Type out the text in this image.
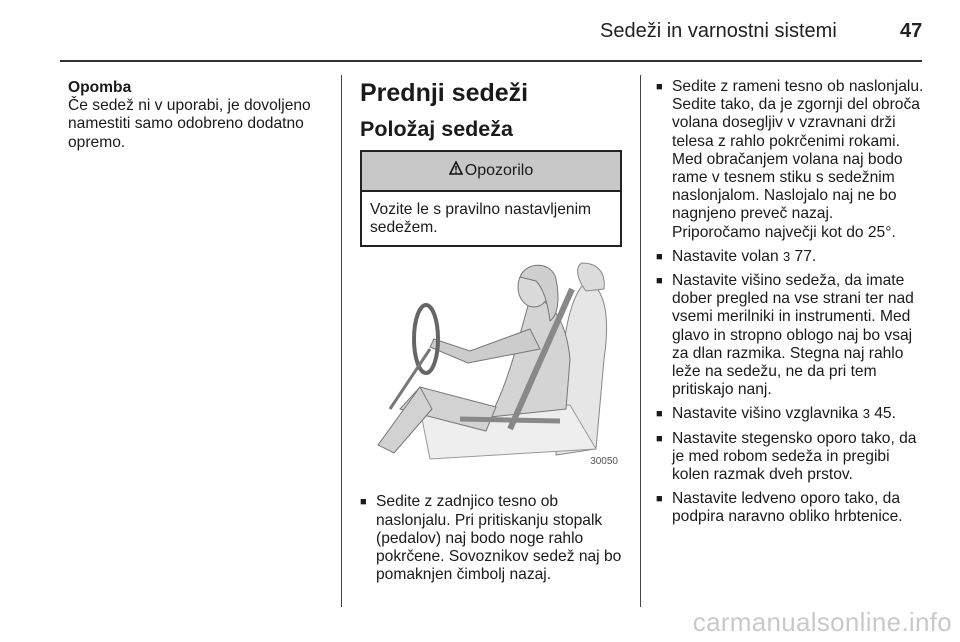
Sedeži in varnostni sistemi	47
Opomba
Če sedež ni v uporabi, je dovoljeno namestiti samo odobreno dodatno opremo.
Prednji sedeži
Položaj sedeža
Opozorilo
Vozite le s pravilno nastavljenim sedežem.
30050
■ Sedite z zadnjico tesno ob naslonjalu. Pri pritiskanju stopalk (pedalov) naj bodo noge rahlo pokrčene. Sovoznikov sedež naj bo pomaknjen čimbolj nazaj.
■ Sedite z rameni tesno ob naslonjalu. Sedite tako, da je zgornji del obroča volana dosegljiv v vzravnani drži telesa z rahlo pokrčenimi rokami. Med obračanjem volana naj bodo rame v tesnem stiku s sedežnim naslonjalom. Naslojalo naj ne bo nagnjeno preveč nazaj. Priporočamo največji kot do 25°.
■ Nastavite volan 3 77.
■ Nastavite višino sedeža, da imate dober pregled na vse strani ter nad vsemi merilniki in instrumenti. Med glavo in stropno oblogo naj bo vsaj za dlan razmika. Stegna naj rahlo leže na sedežu, ne da pri tem pritiskajo nanj.
■ Nastavite višino vzglavnika 3 45.
■ Nastavite stegensko oporo tako, da je med robom sedeža in pregibi kolen razmak dveh prstov.
■ Nastavite ledveno oporo tako, da podpira naravno obliko hrbtenice.
carmanualsonline.info
